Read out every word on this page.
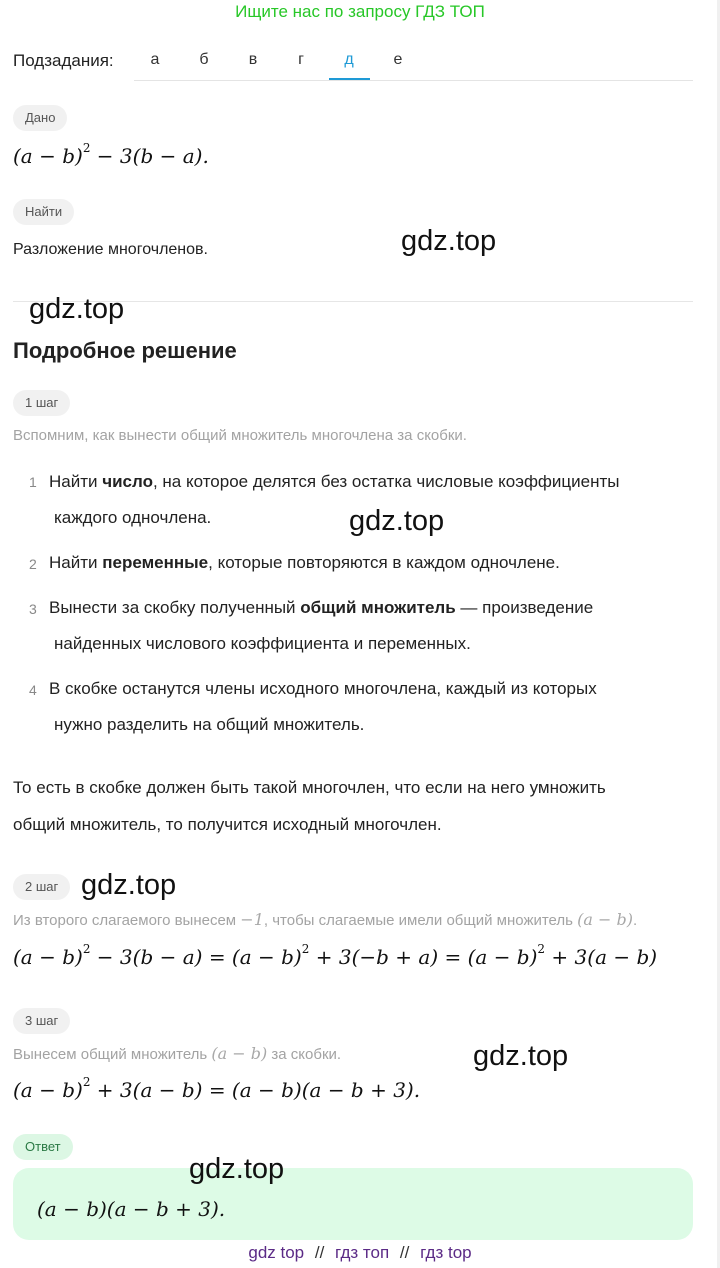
Ищите нас по запросу ГДЗ ТОП
Подзадания:	а	б	в	г	д	е
Дано
$(a - b)^2 - 3(b - a)$.
Найти
Разложение многочленов.	gdz.top
gdz.top
Подробное решение
1 шаг
Вспомним, как вынести общий множитель многочлена за скобки.
1 Найти число, на которое делятся без остатка числовые коэффициенты
каждого одночлена.	gdz.top
2 Найти переменные, которые повторяются в каждом одночлене.
3 Вынести за скобку полученный общий множитель — произведение
найденных числового коэффициента и переменных.
4 В скобке останутся члены исходного многочлена, каждый из которых
нужно разделить на общий множитель.
То есть в скобке должен быть такой многочлен, что если на него умножить
общий множитель, то получится исходный многочлен.
2 шаг gdz.top
Из второго слагаемого вынесем −1, чтобы слагаемые имели общий множитель (a − b).
$(a - b)^2 - 3(b - a) = (a - b)^2 + 3(-b + a) = (a - b)^2 + 3(a - b)$
3 шаг
Вынесем общий множитель (a − b) за скобки.	gdz.top
$(a - b)^2 + 3(a - b) = (a - b)(a - b + 3)$.
Ответ
(a − b)(a − b + 3).
gdz.top
gdz top // гдз топ // гдз top
